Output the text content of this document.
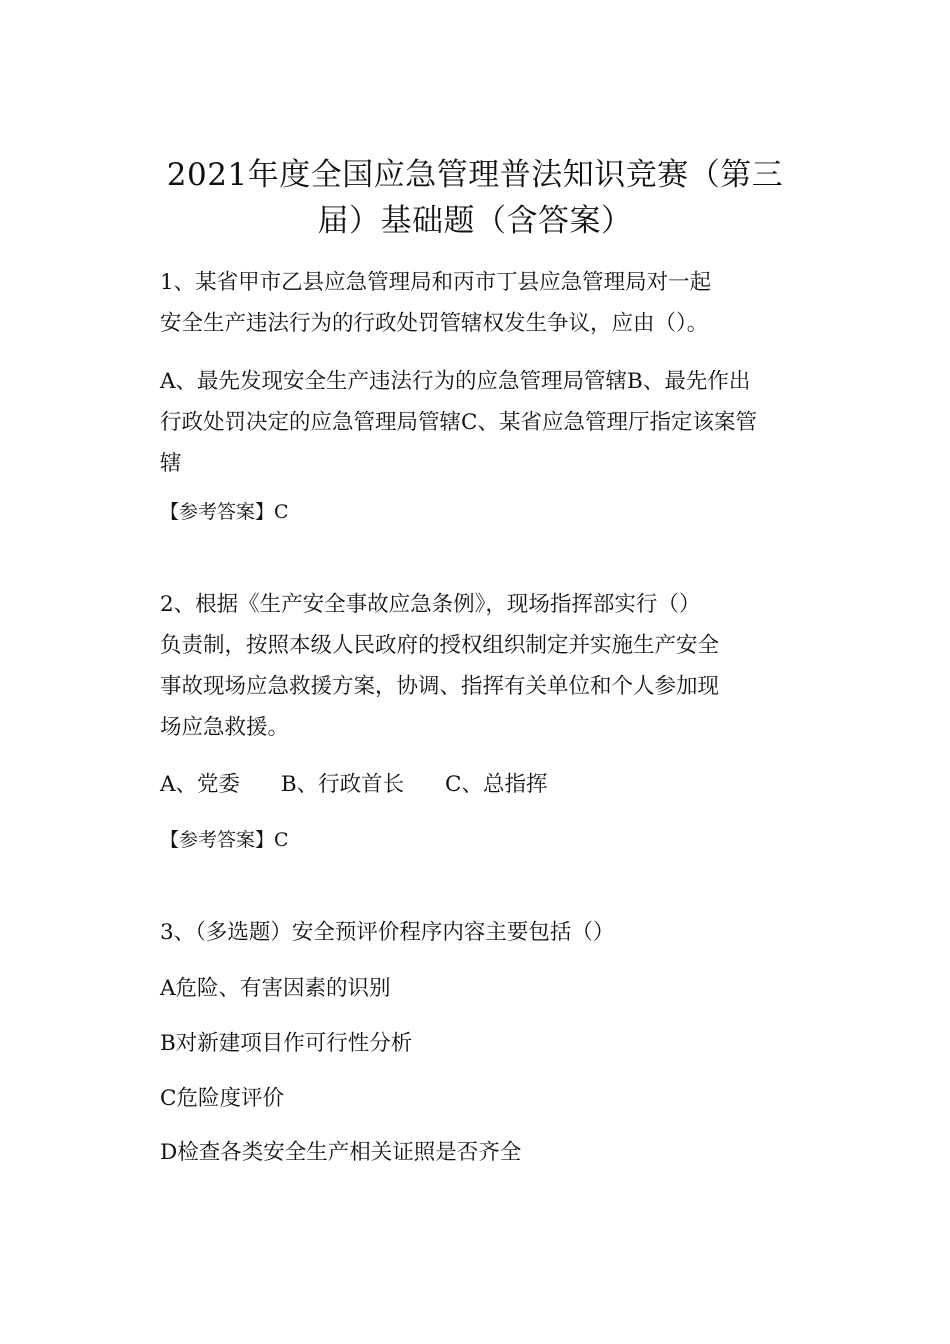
2021年度全国应急管理普法知识竞赛（第三
届）基础题（含答案）
1、某省甲市乙县应急管理局和丙市丁县应急管理局对一起
安全生产违法行为的行政处罚管辖权发生争议，应由（）。
A、最先发现安全生产违法行为的应急管理局管辖B、最先作出
行政处罚决定的应急管理局管辖C、某省应急管理厅指定该案管
辖
【参考答案】C
2、根据《生产安全事故应急条例》，现场指挥部实行（）
负责制，按照本级人民政府的授权组织制定并实施生产安全
事故现场应急救援方案，协调、指挥有关单位和个人参加现
场应急救援。
A、党委 B、行政首长 C、总指挥
【参考答案】C
3、（多选题）安全预评价程序内容主要包括（）
A危险、有害因素的识别
B对新建项目作可行性分析
C危险度评价
D检查各类安全生产相关证照是否齐全
